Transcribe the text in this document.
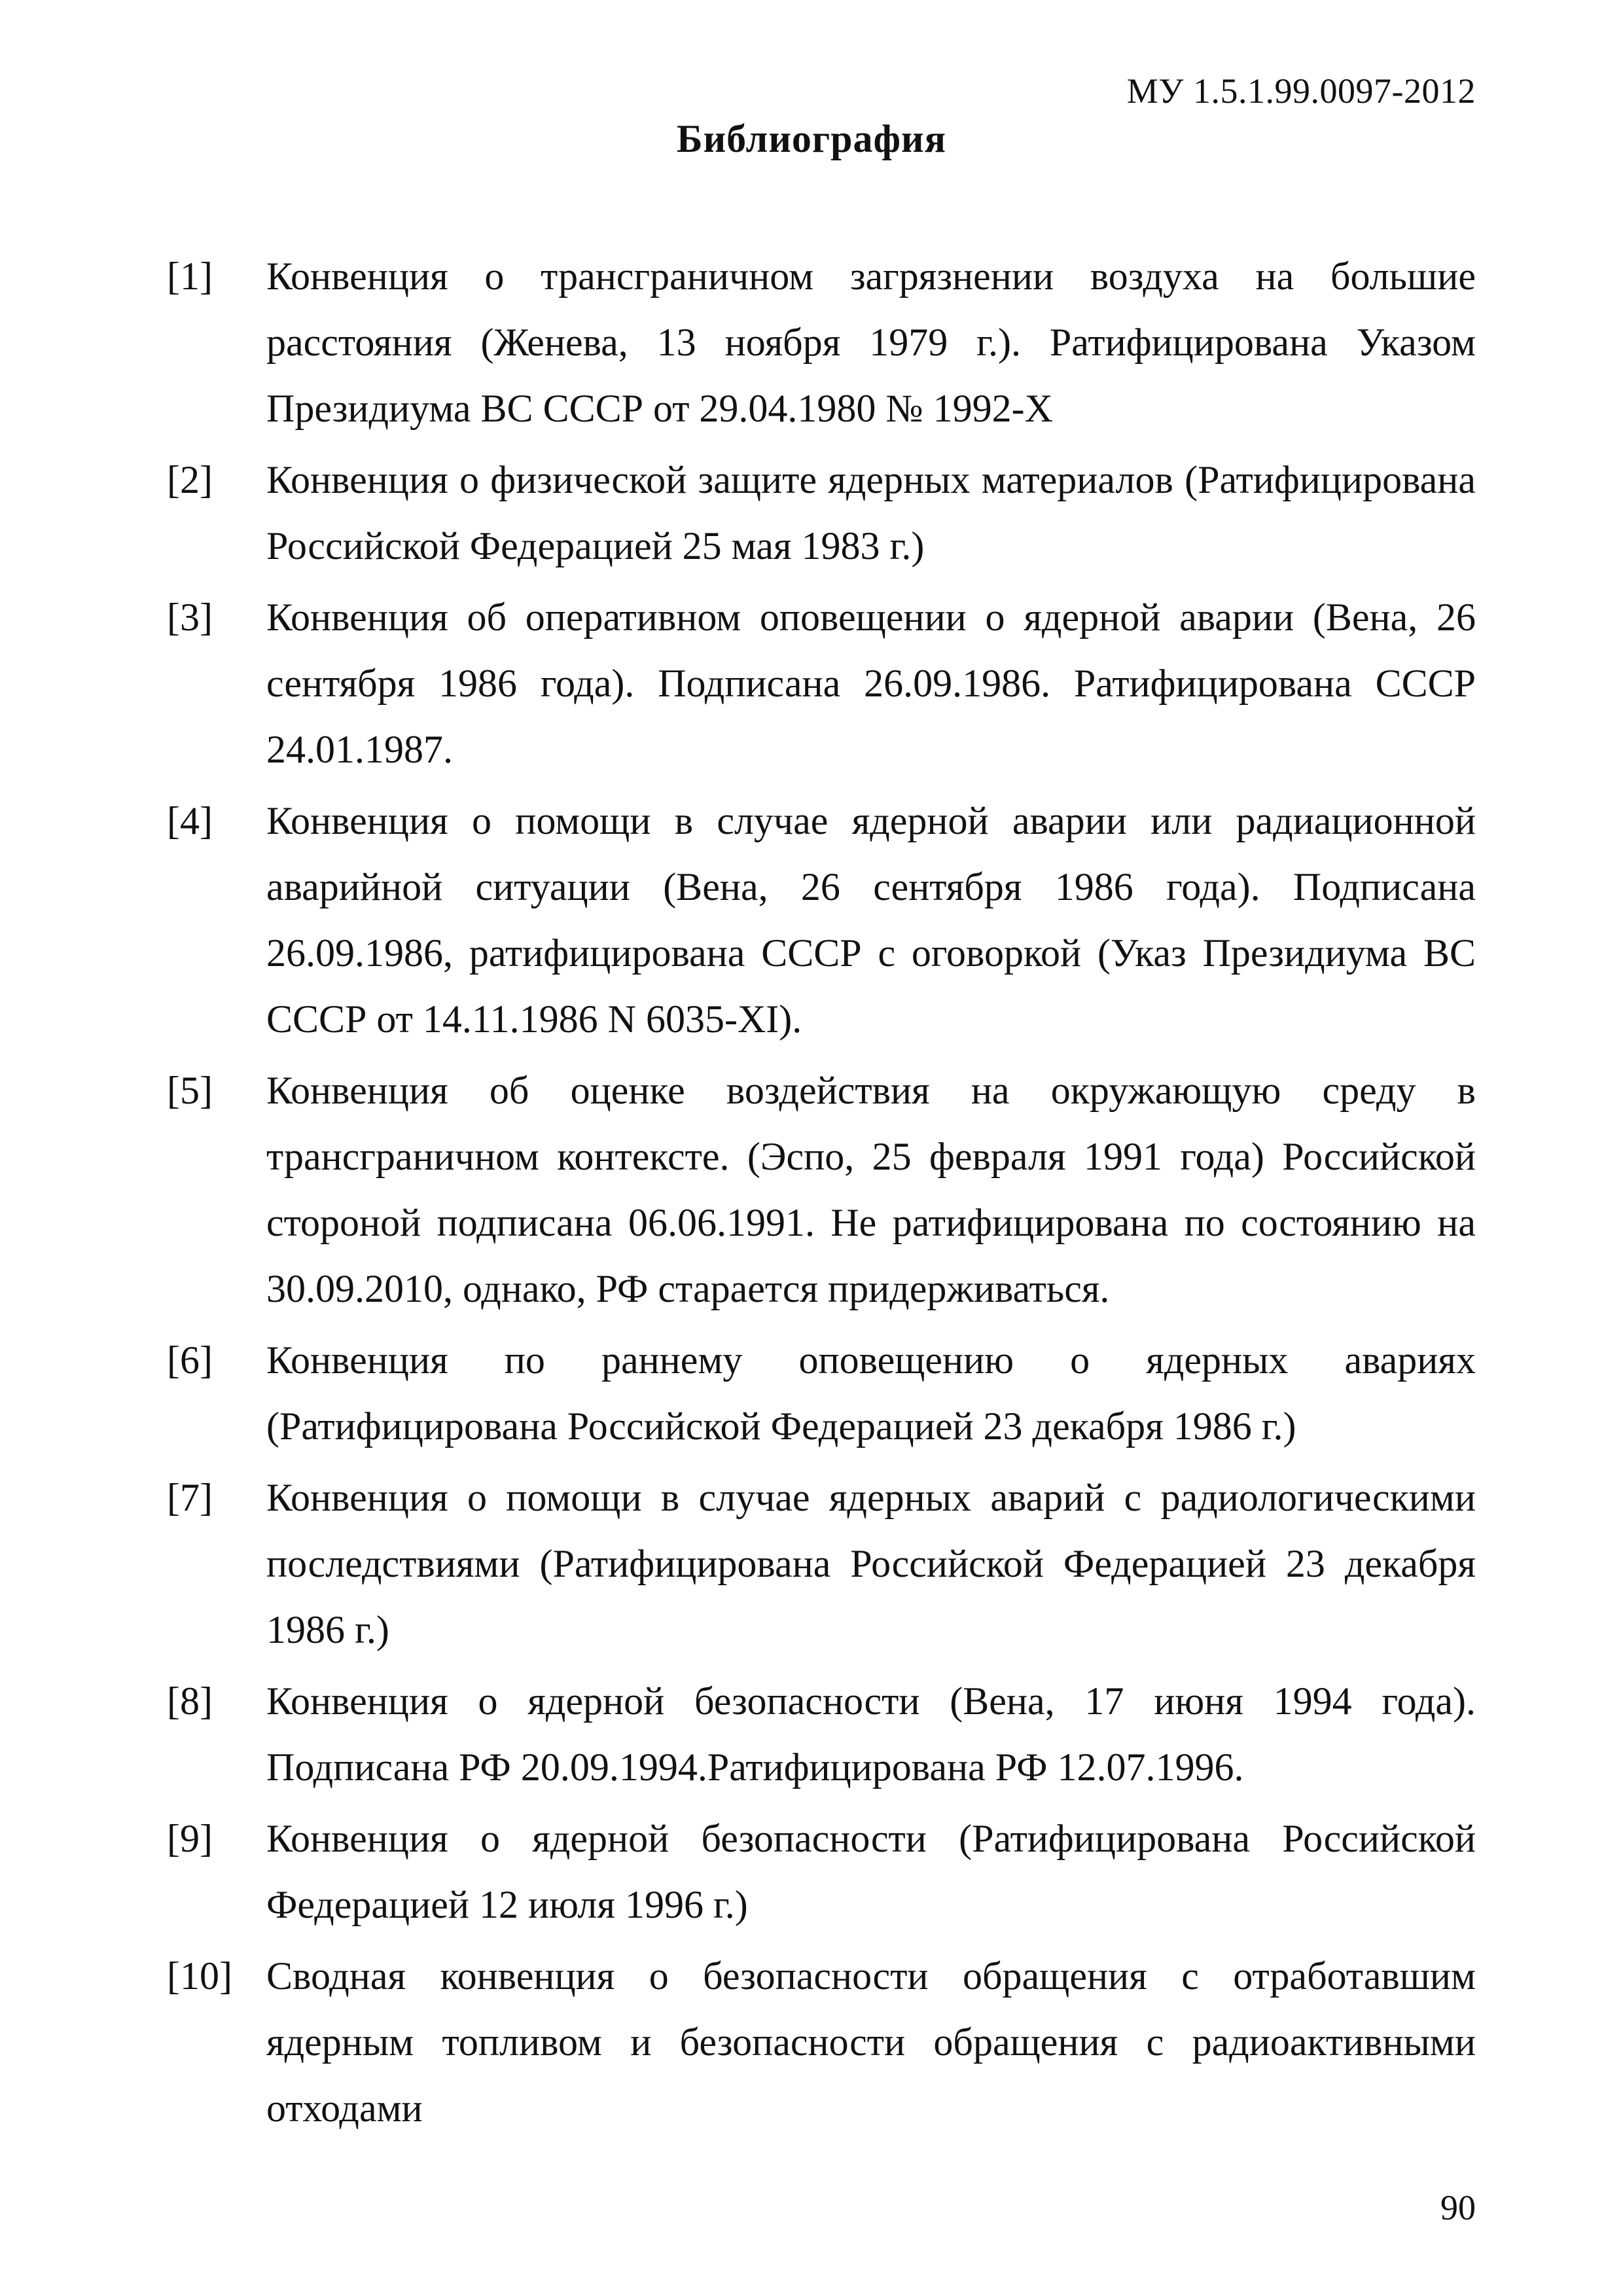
МУ 1.5.1.99.0097-2012
Библиография
[1]	Конвенция о трансграничном загрязнении воздуха на большие расстояния (Женева, 13 ноября 1979 г.). Ратифицирована Указом Президиума ВС СССР от 29.04.1980 № 1992-X
[2]	Конвенция о физической защите ядерных материалов (Ратифицирована Российской Федерацией 25 мая 1983 г.)
[3]	Конвенция об оперативном оповещении о ядерной аварии (Вена, 26 сентября 1986 года). Подписана 26.09.1986. Ратифицирована СССР 24.01.1987.
[4]	Конвенция о помощи в случае ядерной аварии или радиационной аварийной ситуации (Вена, 26 сентября 1986 года). Подписана 26.09.1986, ратифицирована СССР с оговоркой (Указ Президиума ВС СССР от 14.11.1986 N 6035-XI).
[5]	Конвенция об оценке воздействия на окружающую среду в трансграничном контексте. (Эспо, 25 февраля 1991 года) Российской стороной подписана 06.06.1991. Не ратифицирована по состоянию на 30.09.2010, однако, РФ старается придерживаться.
[6]	Конвенция по раннему оповещению о ядерных авариях (Ратифицирована Российской Федерацией 23 декабря 1986 г.)
[7]	Конвенция о помощи в случае ядерных аварий с радиологическими последствиями (Ратифицирована Российской Федерацией 23 декабря 1986 г.)
[8]	Конвенция о ядерной безопасности (Вена, 17 июня 1994 года). Подписана РФ 20.09.1994.Ратифицирована РФ 12.07.1996.
[9]	Конвенция о ядерной безопасности (Ратифицирована Российской Федерацией 12 июля 1996 г.)
[10] Сводная конвенция о безопасности обращения с отработавшим ядерным топливом и безопасности обращения с радиоактивными отходами
90
